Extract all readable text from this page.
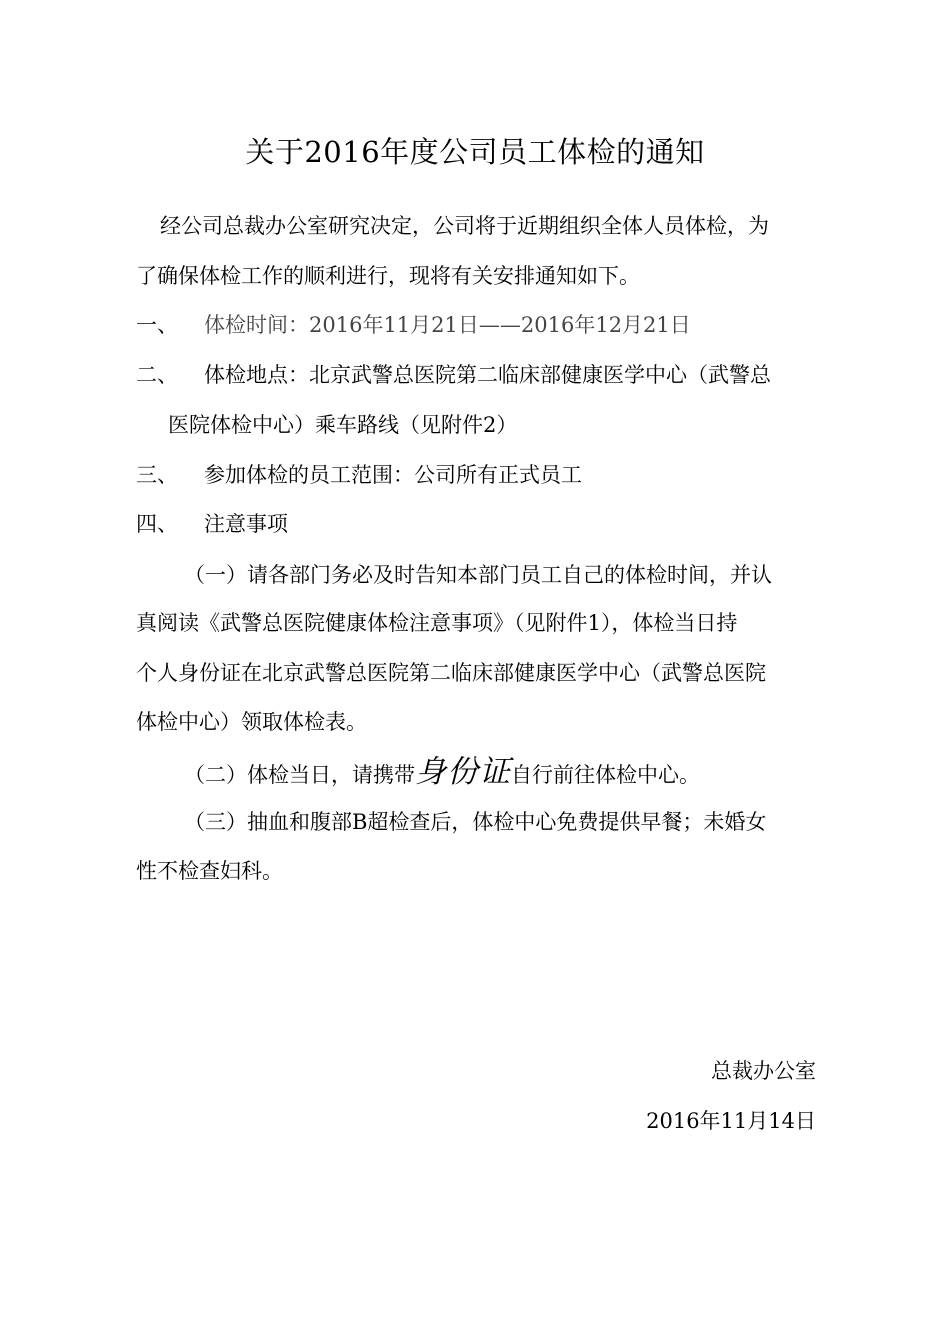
关于2016年度公司员工体检的通知
经公司总裁办公室研究决定，公司将于近期组织全体人员体检，为
了确保体检工作的顺利进行，现将有关安排通知如下。
一、 体检时间：2016年11月21日——2016年12月21日
二、 体检地点：北京武警总医院第二临床部健康医学中心（武警总
医院体检中心）乘车路线（见附件2）
三、 参加体检的员工范围：公司所有正式员工
四、 注意事项
（一）请各部门务必及时告知本部门员工自己的体检时间，并认
真阅读《武警总医院健康体检注意事项》（见附件1），体检当日持
个人身份证在北京武警总医院第二临床部健康医学中心（武警总医院
体检中心）领取体检表。
（二）体检当日，请携带身份证自行前往体检中心。
（三）抽血和腹部B超检查后，体检中心免费提供早餐；未婚女
性不检查妇科。
总裁办公室
2016年11月14日
